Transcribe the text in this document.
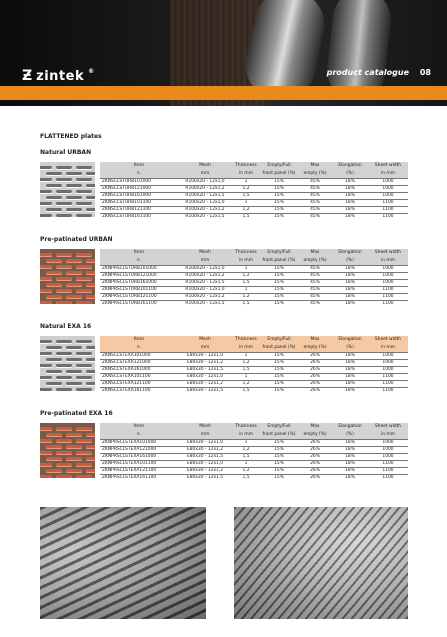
Ƶ zintek ®	product catalogue 08
FLATTENED plates
Natural URBAN
Item	Mesh	Thickness	Empty/Full	Max	Elongation	Sheet width
n.	mm	in mm	front panel (%)	empty (%)	(%)	in mm
ZKNSCLSTURB101000	R100x20 - 12x1,0	1	15%	45%	18%	1000
ZKNSCLSTURB121000	R100x20 - 12x1,2	1,2	15%	45%	18%	1000
ZKNSCLSTURB161000	R100x20 - 12x1,5	1,5	15%	45%	18%	1000
ZKNSCLSTURB101100	R100x20 - 12x1,0	1	15%	45%	18%	1100
ZKNSCLSTURB121100	R100x20 - 12x1,2	1,2	15%	45%	18%	1100
ZKNSCLSTURB161100	R100x20 - 12x1,5	1,5	15%	45%	18%	1100
Pre-patinated URBAN
Item	Mesh	Thickness	Empty/Full	Max	Elongation	Sheet width
n.	mm	in mm	front panel (%)	empty (%)	(%)	in mm
ZKNPRSCLSTURB101000	R100x20 - 12x1,0	1	15%	45%	18%	1000
ZKNPRSCLSTURB121000	R100x20 - 12x1,2	1,2	15%	45%	18%	1000
ZKNPRSCLSTURB161000	R100x20 - 12x1,5	1,5	15%	45%	18%	1000
ZKNPRSCLSTURB101100	R100x20 - 12x1,0	1	15%	45%	18%	1100
ZKNPRSCLSTURB121100	R100x20 - 12x1,2	1,2	15%	45%	18%	1100
ZKNPRSCLSTURB161100	R100x20 - 12x1,5	1,5	15%	45%	18%	1100
Natural EXA 16
Item	Mesh	Thickness	Empty/Full	Max	Elongation	Sheet width
n.	mm	in mm	front panel (%)	empty (%)	(%)	in mm
ZKNSCLSTEXA101000	E80x30 - 12x1,0	1	15%	26%	18%	1000
ZKNSCLSTEXA121000	E80x30 - 12x1,2	1,2	15%	26%	18%	1000
ZKNSCLSTEXA161000	E80x30 - 12x1,5	1,5	15%	26%	18%	1000
ZKNSCLSTEXA101100	E80x30 - 12x1,0	1	15%	26%	18%	1100
ZKNSCLSTEXA121100	E80x30 - 12x1,2	1,2	15%	26%	18%	1100
ZKNSCLSTEXA161100	E80x30 - 12x1,5	1,5	15%	26%	18%	1100
Pre-patinated EXA 16
Item	Mesh	Thickness	Empty/Full	Max	Elongation	Sheet width
n.	mm	in mm	front panel (%)	empty (%)	(%)	in mm
ZKNPRSCLSTEXA101000	E80x30 - 12x1,0	1	15%	26%	18%	1000
ZKNPRSCLSTEXA121000	E80x30 - 12x1,2	1,2	15%	26%	18%	1000
ZKNPRSCLSTEXA161000	E80x30 - 12x1,5	1,5	15%	26%	18%	1000
ZKNPRSCLSTEXA101100	E80x30 - 12x1,0	1	15%	26%	18%	1100
ZKNPRSCLSTEXA121100	E80x30 - 12x1,2	1,2	15%	26%	18%	1100
ZKNPRSCLSTEXA161100	E80x30 - 12x1,5	1,5	15%	26%	18%	1100
